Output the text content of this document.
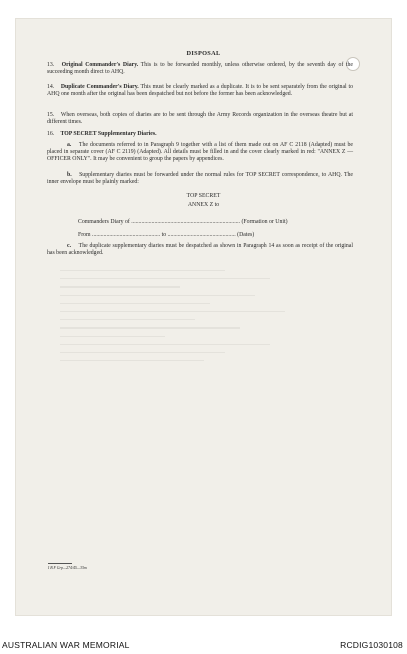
DISPOSAL
13. Original Commander's Diary. This is to be forwarded monthly, unless otherwise ordered, by the seventh day of the succeeding month direct to AHQ.
14. Duplicate Commander's Diary. This must be clearly marked as a duplicate. It is to be sent separately from the original to AHQ one month after the original has been despatched but not before the former has been acknowledged.
15. When overseas, both copies of diaries are to be sent through the Army Records organization in the overseas theatre but at different times.
16. TOP SECRET Supplementary Diaries.
a. The documents referred to in Paragraph 9 together with a list of them made out on AF C 2118 (Adapted) must be placed in separate cover (AF C 2119) (Adapted). All details must be filled in and the cover clearly marked in red: "ANNEX Z — OFFICER ONLY". It may be convenient to group the papers by appendices.
b. Supplementary diaries must be forwarded under the normal rules for TOP SECRET correspondence, to AHQ. The inner envelope must be plainly marked:
TOP SECRET
ANNEX Z to
Commanders Diary of ........................................................................... (Formation or Unit)
From ............................................... to ............................................... (Dates)
c. The duplicate supplementary diaries must be despatched as shown in Paragraph 14 as soon as receipt of the original has been acknowledged.
I B F Grp—274/45—35m
AUSTRALIAN WAR MEMORIAL	RCDIG1030108
